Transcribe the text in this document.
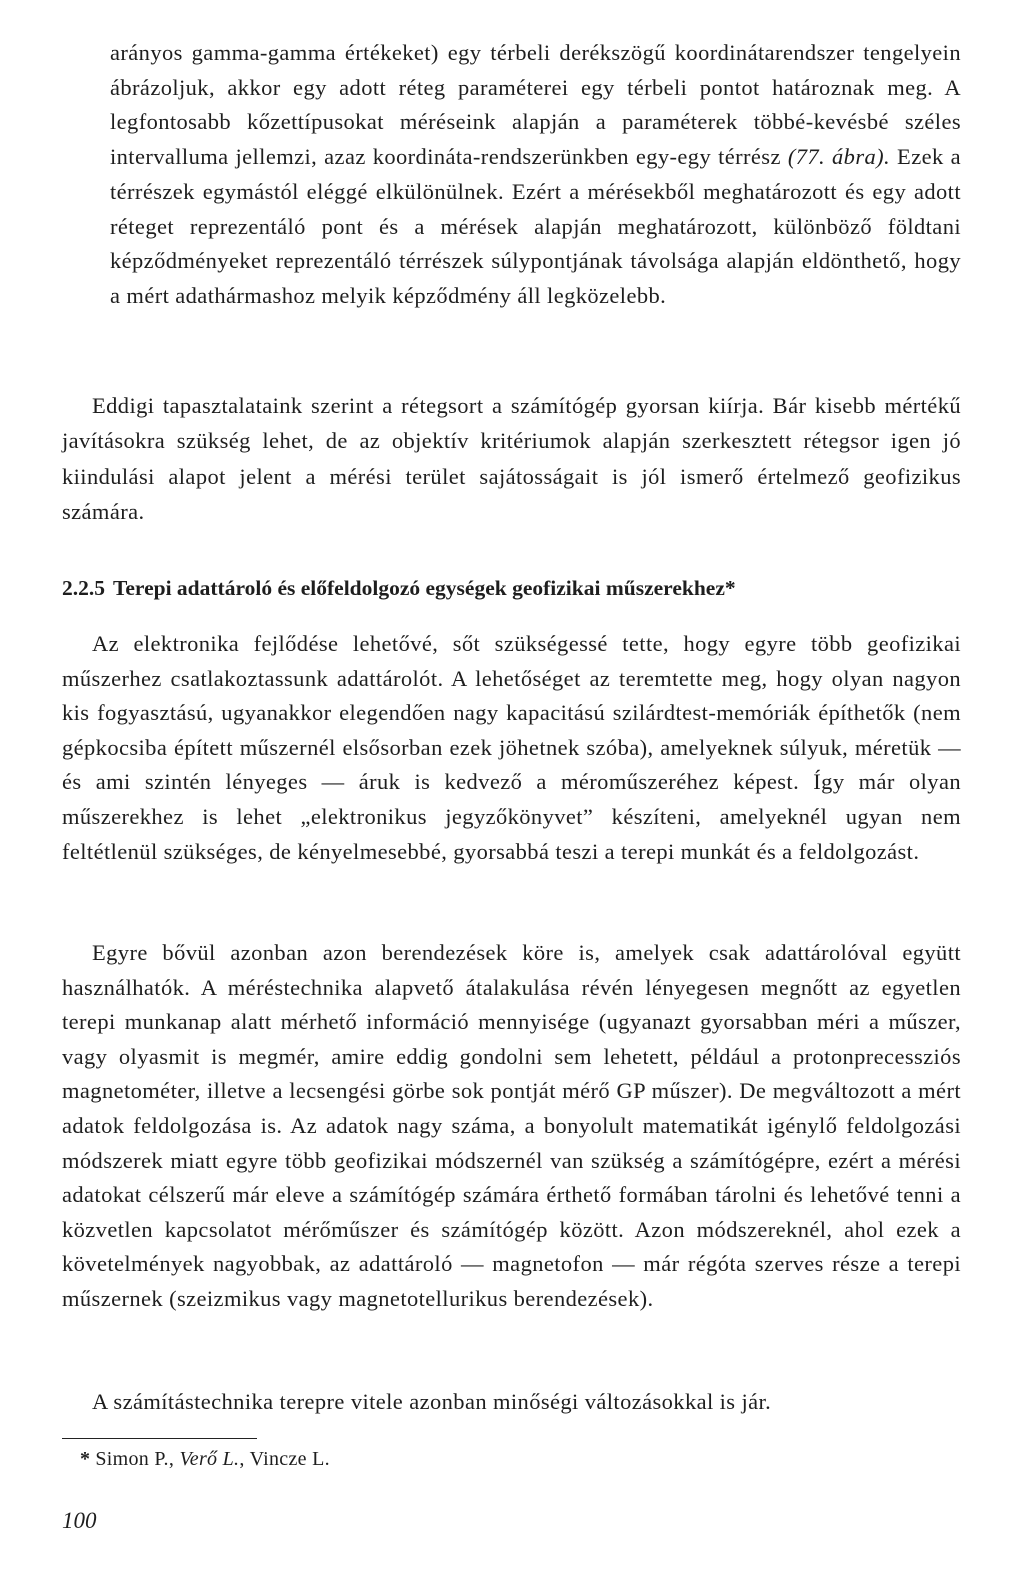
arányos gamma-gamma értékeket) egy térbeli derékszögű koordinátarendszer tengelyein ábrázoljuk, akkor egy adott réteg paraméterei egy térbeli pontot határoznak meg. A legfontosabb kőzettípusokat méréseink alapján a paraméterek többé-kevésbé széles intervalluma jellemzi, azaz koordináta-rendszerünkben egy-egy térrész (77. ábra). Ezek a térrészek egymástól eléggé elkülönülnek. Ezért a mérésekből meghatározott és egy adott réteget reprezentáló pont és a mérések alapján meghatározott, különböző földtani képződményeket reprezentáló térrészek súlypontjának távolsága alapján eldönthető, hogy a mért adathármashoz melyik képződmény áll legközelebb.
Eddigi tapasztalataink szerint a rétegsort a számítógép gyorsan kiírja. Bár kisebb mértékű javításokra szükség lehet, de az objektív kritériumok alapján szerkesztett rétegsor igen jó kiindulási alapot jelent a mérési terület sajátosságait is jól ismerő értelmező geofizikus számára.
2.2.5 Terepi adattároló és előfeldolgozó egységek geofizikai műszerekhez*
Az elektronika fejlődése lehetővé, sőt szükségessé tette, hogy egyre több geofizikai műszerhez csatlakoztassunk adattárolót. A lehetőséget az teremtette meg, hogy olyan nagyon kis fogyasztású, ugyanakkor elegendően nagy kapacitású szilárdtest-memóriák építhetők (nem gépkocsiba épített műszernél elsősorban ezek jöhetnek szóba), amelyeknek súlyuk, méretük — és ami szintén lényeges — áruk is kedvező a méroműszeréhez képest. Így már olyan műszerekhez is lehet „elektronikus jegyzőkönyvet” készíteni, amelyeknél ugyan nem feltétlenül szükséges, de kényelmesebbé, gyorsabbá teszi a terepi munkát és a feldolgozást.
Egyre bővül azonban azon berendezések köre is, amelyek csak adattárolóval együtt használhatók. A méréstechnika alapvető átalakulása révén lényegesen megnőtt az egyetlen terepi munkanap alatt mérhető információ mennyisége (ugyanazt gyorsabban méri a műszer, vagy olyasmit is megmér, amire eddig gondolni sem lehetett, például a protonprecessziós magnetométer, illetve a lecsengési görbe sok pontját mérő GP műszer). De megváltozott a mért adatok feldolgozása is. Az adatok nagy száma, a bonyolult matematikát igénylő feldolgozási módszerek miatt egyre több geofizikai módszernél van szükség a számítógépre, ezért a mérési adatokat célszerű már eleve a számítógép számára érthető formában tárolni és lehetővé tenni a közvetlen kapcsolatot mérőműszer és számítógép között. Azon módszereknél, ahol ezek a követelmények nagyobbak, az adattároló — magnetofon — már régóta szerves része a terepi műszernek (szeizmikus vagy magnetotellurikus berendezések).
A számítástechnika terepre vitele azonban minőségi változásokkal is jár.
* Simon P., Verő L., Vincze L.
100
